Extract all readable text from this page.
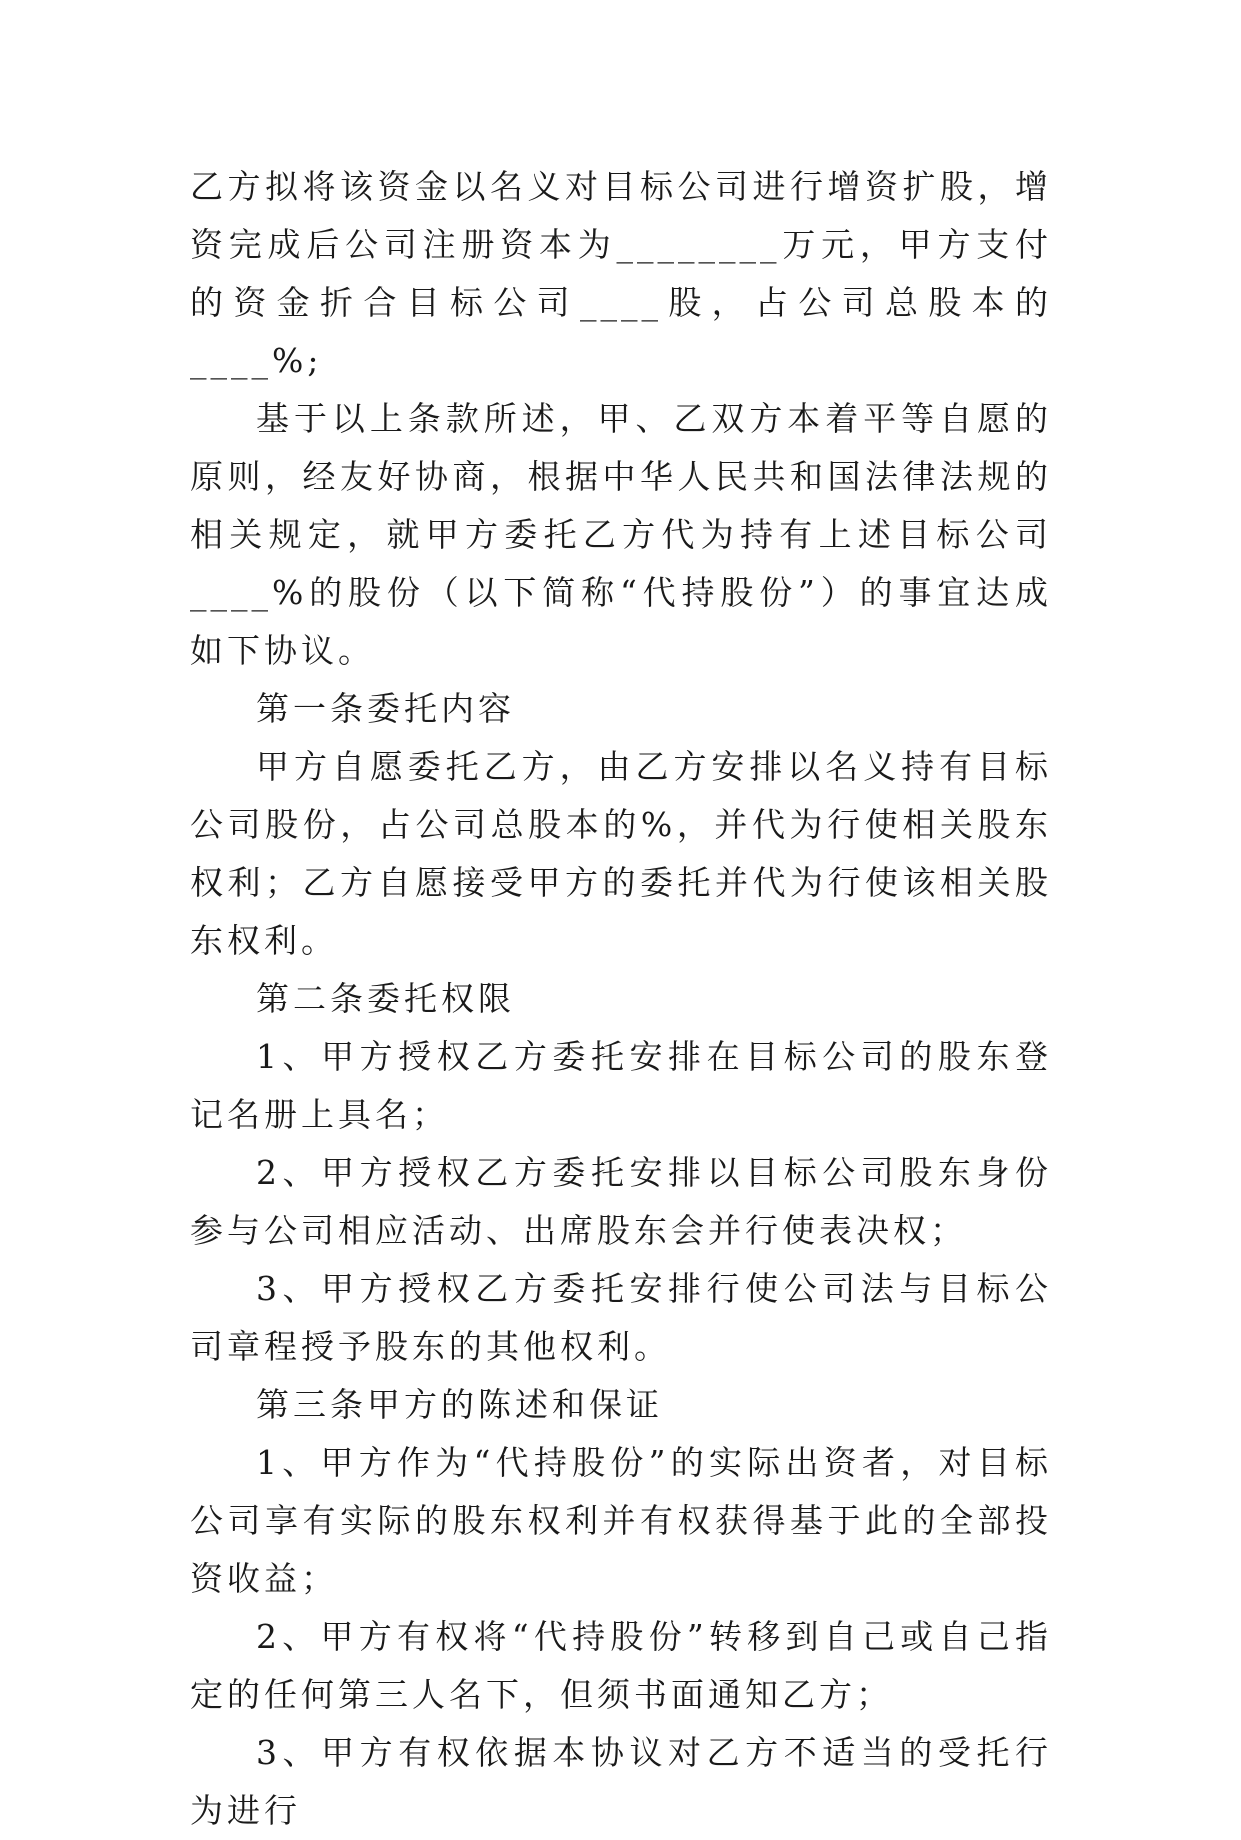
乙方拟将该资金以名义对目标公司进行增资扩股，增资完成后公司注册资本为________万元，甲方支付的资金折合目标公司____股，占公司总股本的____%;

基于以上条款所述，甲、乙双方本着平等自愿的原则，经友好协商，根据中华人民共和国法律法规的相关规定，就甲方委托乙方代为持有上述目标公司____%的股份（以下简称“代持股份”）的事宜达成如下协议。

第一条委托内容

甲方自愿委托乙方，由乙方安排以名义持有目标公司股份，占公司总股本的%，并代为行使相关股东权利；乙方自愿接受甲方的委托并代为行使该相关股东权利。

第二条委托权限

1、甲方授权乙方委托安排在目标公司的股东登记名册上具名；

2、甲方授权乙方委托安排以目标公司股东身份参与公司相应活动、出席股东会并行使表决权；

3、甲方授权乙方委托安排行使公司法与目标公司章程授予股东的其他权利。

第三条甲方的陈述和保证

1、甲方作为“代持股份”的实际出资者，对目标公司享有实际的股东权利并有权获得基于此的全部投资收益；

2、甲方有权将“代持股份”转移到自己或自己指定的任何第三人名下，但须书面通知乙方；

3、甲方有权依据本协议对乙方不适当的受托行为进行
